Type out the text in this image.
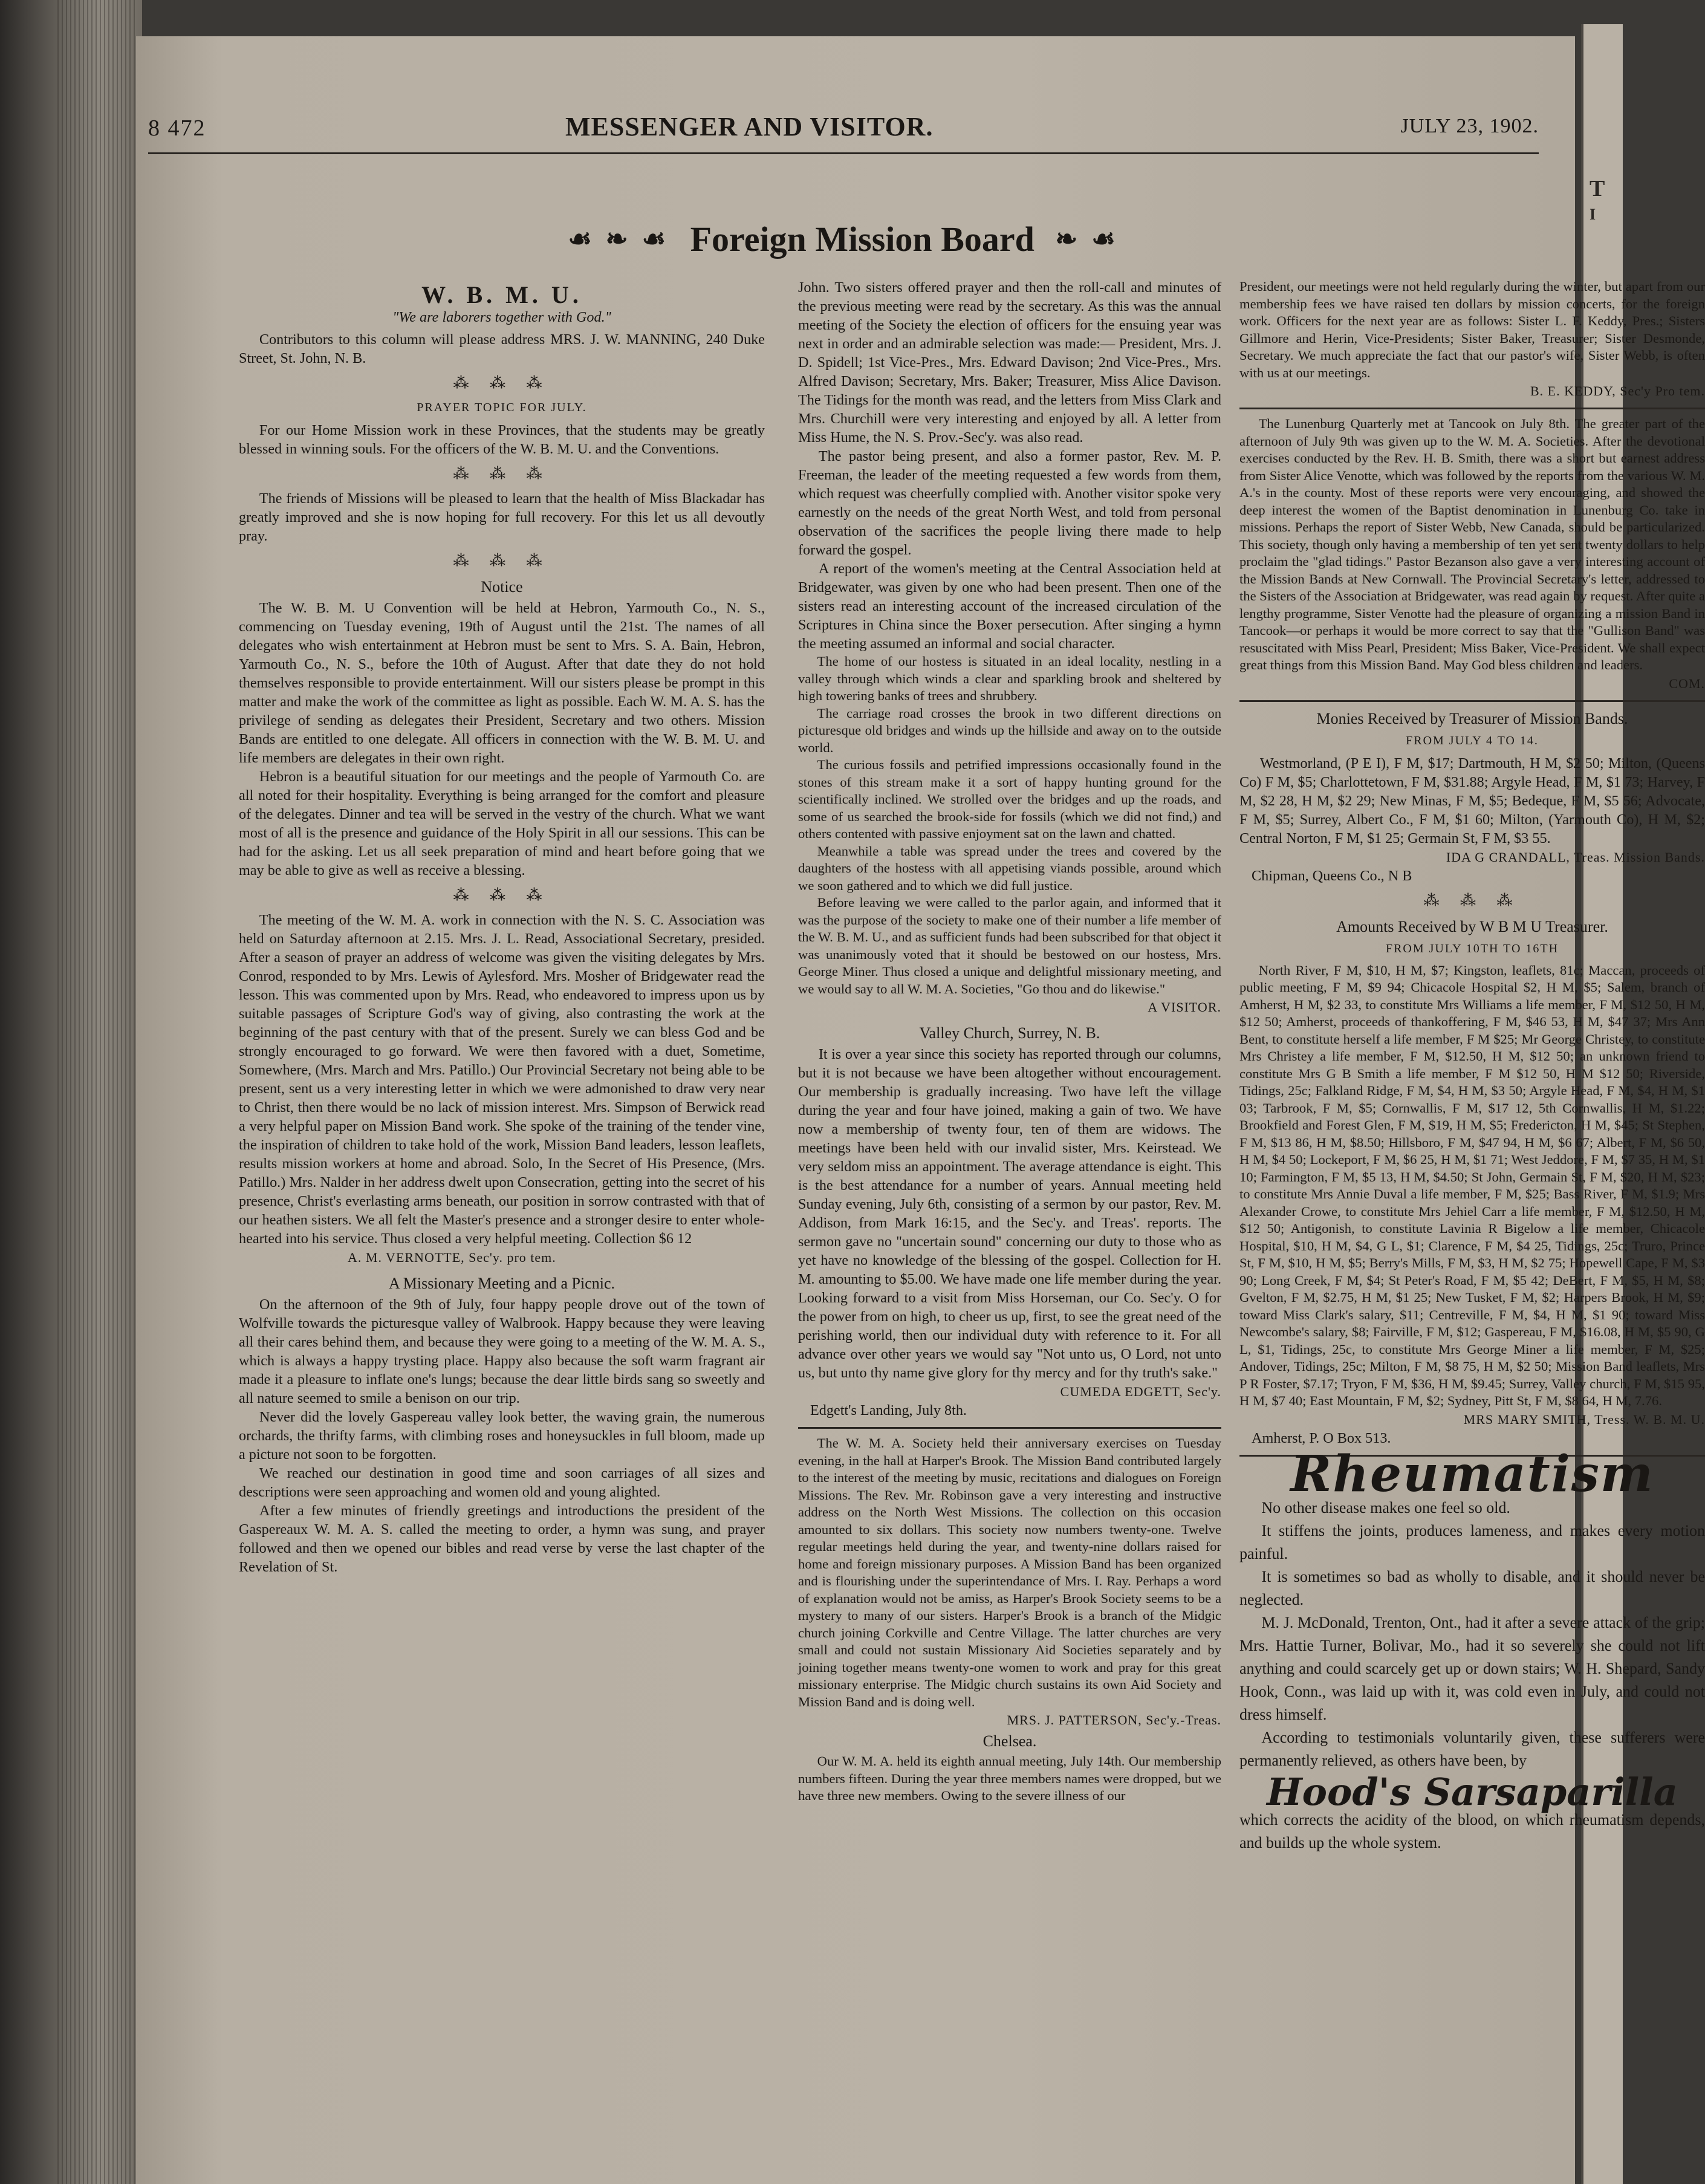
T
I
8 472	MESSENGER AND VISITOR.	JULY 23, 1902.
☙ ❧ ☙ Foreign Mission Board ❧ ☙
W. B. M. U.
"We are laborers together with God."

Contributors to this column will please address MRS. J. W. MANNING, 240 Duke Street, St. John, N. B.

⁂ ⁂ ⁂
PRAYER TOPIC FOR JULY.

For our Home Mission work in these Provinces, that the students may be greatly blessed in winning souls. For the officers of the W. B. M. U. and the Conventions.

⁂ ⁂ ⁂

The friends of Missions will be pleased to learn that the health of Miss Blackadar has greatly improved and she is now hoping for full recovery. For this let us all devoutly pray.

⁂ ⁂ ⁂
Notice

The W. B. M. U Convention will be held at Hebron, Yarmouth Co., N. S., commencing on Tuesday evening, 19th of August until the 21st. The names of all delegates who wish entertainment at Hebron must be sent to Mrs. S. A. Bain, Hebron, Yarmouth Co., N. S., before the 10th of August. After that date they do not hold themselves responsible to provide entertainment. Will our sisters please be prompt in this matter and make the work of the committee as light as possible. Each W. M. A. S. has the privilege of sending as delegates their President, Secretary and two others. Mission Bands are entitled to one delegate. All officers in connection with the W. B. M. U. and life members are delegates in their own right.

Hebron is a beautiful situation for our meetings and the people of Yarmouth Co. are all noted for their hospitality. Everything is being arranged for the comfort and pleasure of the delegates. Dinner and tea will be served in the vestry of the church. What we want most of all is the presence and guidance of the Holy Spirit in all our sessions. This can be had for the asking. Let us all seek preparation of mind and heart before going that we may be able to give as well as receive a blessing.

⁂ ⁂ ⁂

The meeting of the W. M. A. work in connection with the N. S. C. Association was held on Saturday afternoon at 2.15. Mrs. J. L. Read, Associational Secretary, presided. After a season of prayer an address of welcome was given the visiting delegates by Mrs. Conrod, responded to by Mrs. Lewis of Aylesford. Mrs. Mosher of Bridgewater read the lesson. This was commented upon by Mrs. Read, who endeavored to impress upon us by suitable passages of Scripture God's way of giving, also contrasting the work at the beginning of the past century with that of the present. Surely we can bless God and be strongly encouraged to go forward. We were then favored with a duet, Sometime, Somewhere, (Mrs. March and Mrs. Patillo.) Our Provincial Secretary not being able to be present, sent us a very interesting letter in which we were admonished to draw very near to Christ, then there would be no lack of mission interest. Mrs. Simpson of Berwick read a very helpful paper on Mission Band work. She spoke of the training of the tender vine, the inspiration of children to take hold of the work, Mission Band leaders, lesson leaflets, results mission workers at home and abroad. Solo, In the Secret of His Presence, (Mrs. Patillo.) Mrs. Nalder in her address dwelt upon Consecration, getting into the secret of his presence, Christ's everlasting arms beneath, our position in sorrow contrasted with that of our heathen sisters. We all felt the Master's presence and a stronger desire to enter whole-hearted into his service. Thus closed a very helpful meeting. Collection $6 12

A. M. VERNOTTE, Sec'y. pro tem.
A Missionary Meeting and a Picnic.

On the afternoon of the 9th of July, four happy people drove out of the town of Wolfville towards the picturesque valley of Walbrook. Happy because they were leaving all their cares behind them, and because they were going to a meeting of the W. M. A. S., which is always a happy trysting place. Happy also because the soft warm fragrant air made it a pleasure to inflate one's lungs; because the dear little birds sang so sweetly and all nature seemed to smile a benison on our trip.

Never did the lovely Gaspereau valley look better, the waving grain, the numerous orchards, the thrifty farms, with climbing roses and honeysuckles in full bloom, made up a picture not soon to be forgotten.

We reached our destination in good time and soon carriages of all sizes and descriptions were seen approaching and women old and young alighted.

After a few minutes of friendly greetings and introductions the president of the Gaspereaux W. M. A. S. called the meeting to order, a hymn was sung, and prayer followed and then we opened our bibles and read verse by verse the last chapter of the Revelation of St.

John. Two sisters offered prayer and then the roll-call and minutes of the previous meeting were read by the secretary. As this was the annual meeting of the Society the election of officers for the ensuing year was next in order and an admirable selection was made:— President, Mrs. J. D. Spidell; 1st Vice-Pres., Mrs. Edward Davison; 2nd Vice-Pres., Mrs. Alfred Davison; Secretary, Mrs. Baker; Treasurer, Miss Alice Davison. The Tidings for the month was read, and the letters from Miss Clark and Mrs. Churchill were very interesting and enjoyed by all. A letter from Miss Hume, the N. S. Prov.-Sec'y. was also read.

The pastor being present, and also a former pastor, Rev. M. P. Freeman, the leader of the meeting requested a few words from them, which request was cheerfully complied with. Another visitor spoke very earnestly on the needs of the great North West, and told from personal observation of the sacrifices the people living there made to help forward the gospel.

A report of the women's meeting at the Central Association held at Bridgewater, was given by one who had been present. Then one of the sisters read an interesting account of the increased circulation of the Scriptures in China since the Boxer persecution. After singing a hymn the meeting assumed an informal and social character.

The home of our hostess is situated in an ideal locality, nestling in a valley through which winds a clear and sparkling brook and sheltered by high towering banks of trees and shrubbery.

The carriage road crosses the brook in two different directions on picturesque old bridges and winds up the hillside and away on to the outside world.

The curious fossils and petrified impressions occasionally found in the stones of this stream make it a sort of happy hunting ground for the scientifically inclined. We strolled over the bridges and up the roads, and some of us searched the brook-side for fossils (which we did not find,) and others contented with passive enjoyment sat on the lawn and chatted.

Meanwhile a table was spread under the trees and covered by the daughters of the hostess with all appetising viands possible, around which we soon gathered and to which we did full justice.

Before leaving we were called to the parlor again, and informed that it was the purpose of the society to make one of their number a life member of the W. B. M. U., and as sufficient funds had been subscribed for that object it was unanimously voted that it should be bestowed on our hostess, Mrs. George Miner. Thus closed a unique and delightful missionary meeting, and we would say to all W. M. A. Societies, "Go thou and do likewise."

A VISITOR.
Valley Church, Surrey, N. B.

It is over a year since this society has reported through our columns, but it is not because we have been altogether without encouragement. Our membership is gradually increasing. Two have left the village during the year and four have joined, making a gain of two. We have now a membership of twenty four, ten of them are widows. The meetings have been held with our invalid sister, Mrs. Keirstead. We very seldom miss an appointment. The average attendance is eight. This is the best attendance for a number of years. Annual meeting held Sunday evening, July 6th, consisting of a sermon by our pastor, Rev. M. Addison, from Mark 16:15, and the Sec'y. and Treas'. reports. The sermon gave no "uncertain sound" concerning our duty to those who as yet have no knowledge of the blessing of the gospel. Collection for H. M. amounting to $5.00. We have made one life member during the year. Looking forward to a visit from Miss Horseman, our Co. Sec'y. O for the power from on high, to cheer us up, first, to see the great need of the perishing world, then our individual duty with reference to it. For all advance over other years we would say "Not unto us, O Lord, not unto us, but unto thy name give glory for thy mercy and for thy truth's sake."

CUMEDA EDGETT, Sec'y.
Edgett's Landing, July 8th.

The W. M. A. Society held their anniversary exercises on Tuesday evening, in the hall at Harper's Brook. The Mission Band contributed largely to the interest of the meeting by music, recitations and dialogues on Foreign Missions. The Rev. Mr. Robinson gave a very interesting and instructive address on the North West Missions. The collection on this occasion amounted to six dollars. This society now numbers twenty-one. Twelve regular meetings held during the year, and twenty-nine dollars raised for home and foreign missionary purposes. A Mission Band has been organized and is flourishing under the superintendance of Mrs. I. Ray. Perhaps a word of explanation would not be amiss, as Harper's Brook Society seems to be a mystery to many of our sisters. Harper's Brook is a branch of the Midgic church joining Corkville and Centre Village. The latter churches are very small and could not sustain Missionary Aid Societies separately and by joining together means twenty-one women to work and pray for this great missionary enterprise. The Midgic church sustains its own Aid Society and Mission Band and is doing well.

MRS. J. PATTERSON, Sec'y.-Treas.
Chelsea.

Our W. M. A. held its eighth annual meeting, July 14th. Our membership numbers fifteen. During the year three members names were dropped, but we have three new members. Owing to the severe illness of our

President, our meetings were not held regularly during the winter, but apart from our membership fees we have raised ten dollars by mission concerts, for the foreign work. Officers for the next year are as follows: Sister L. F. Keddy, Pres.; Sisters Gillmore and Herin, Vice-Presidents; Sister Baker, Treasurer; Sister Desmonde, Secretary. We much appreciate the fact that our pastor's wife, Sister Webb, is often with us at our meetings.

B. E. KEDDY, Sec'y Pro tem.

The Lunenburg Quarterly met at Tancook on July 8th. The greater part of the afternoon of July 9th was given up to the W. M. A. Societies. After the devotional exercises conducted by the Rev. H. B. Smith, there was a short but earnest address from Sister Alice Venotte, which was followed by the reports from the various W. M. A.'s in the county. Most of these reports were very encouraging, and showed the deep interest the women of the Baptist denomination in Lunenburg Co. take in missions. Perhaps the report of Sister Webb, New Canada, should be particularized. This society, though only having a membership of ten yet sent twenty dollars to help proclaim the "glad tidings." Pastor Bezanson also gave a very interesting account of the Mission Bands at New Cornwall. The Provincial Secretary's letter, addressed to the Sisters of the Association at Bridgewater, was read again by request. After quite a lengthy programme, Sister Venotte had the pleasure of organizing a mission Band in Tancook—or perhaps it would be more correct to say that the "Gullison Band" was resuscitated with Miss Pearl, President; Miss Baker, Vice-President. We shall expect great things from this Mission Band. May God bless children and leaders.

COM.
Monies Received by Treasurer of Mission Bands.
FROM JULY 4 TO 14.

Westmorland, (P E I), F M, $17; Dartmouth, H M, $2 50; Milton, (Queens Co) F M, $5; Charlottetown, F M, $31.88; Argyle Head, F M, $1 73; Harvey, F M, $2 28, H M, $2 29; New Minas, F M, $5; Bedeque, F M, $5 56; Advocate, F M, $5; Surrey, Albert Co., F M, $1 60; Milton, (Yarmouth Co), H M, $2; Central Norton, F M, $1 25; Germain St, F M, $3 55.

IDA G CRANDALL, Treas. Mission Bands.
Chipman, Queens Co., N B
⁂ ⁂ ⁂
Amounts Received by W B M U Treasurer.
FROM JULY 10TH TO 16TH

North River, F M, $10, H M, $7; Kingston, leaflets, 81c; Maccan, proceeds of public meeting, F M, $9 94; Chicacole Hospital $2, H M, $5; Salem, branch of Amherst, H M, $2 33, to constitute Mrs Williams a life member, F M, $12 50, H M, $12 50; Amherst, proceeds of thankoffering, F M, $46 53, H M, $47 37; Mrs Ann Bent, to constitute herself a life member, F M $25; Mr George Christey, to constitute Mrs Christey a life member, F M, $12.50, H M, $12 50; an unknown friend to constitute Mrs G B Smith a life member, F M $12 50, H M $12 50; Riverside, Tidings, 25c; Falkland Ridge, F M, $4, H M, $3 50; Argyle Head, F M, $4, H M, $1 03; Tarbrook, F M, $5; Cornwallis, F M, $17 12, 5th Cornwallis, H M, $1.22; Brookfield and Forest Glen, F M, $19, H M, $5; Fredericton, H M, $45; St Stephen, F M, $13 86, H M, $8.50; Hillsboro, F M, $47 94, H M, $6 67; Albert, F M, $6 50, H M, $4 50; Lockeport, F M, $6 25, H M, $1 71; West Jeddore, F M, $7 35, H M, $1 10; Farmington, F M, $5 13, H M, $4.50; St John, Germain St, F M, $20, H M, $23; to constitute Mrs Annie Duval a life member, F M, $25; Bass River, F M, $1.9; Mrs Alexander Crowe, to constitute Mrs Jehiel Carr a life member, F M, $12.50, H M, $12 50; Antigonish, to constitute Lavinia R Bigelow a life member, Chicacole Hospital, $10, H M, $4, G L, $1; Clarence, F M, $4 25, Tidings, 25c; Truro, Prince St, F M, $10, H M, $5; Berry's Mills, F M, $3, H M, $2 75; Hopewell Cape, F M, $3 90; Long Creek, F M, $4; St Peter's Road, F M, $5 42; DeBert, F M, $5, H M, $8; Gvelton, F M, $2.75, H M, $1 25; New Tusket, F M, $2; Harpers Brook, H M, $9; toward Miss Clark's salary, $11; Centreville, F M, $4, H M, $1 90; toward Miss Newcombe's salary, $8; Fairville, F M, $12; Gaspereau, F M, $16.08, H M, $5 90, G L, $1, Tidings, 25c, to constitute Mrs George Miner a life member, F M, $25; Andover, Tidings, 25c; Milton, F M, $8 75, H M, $2 50; Mission Band leaflets, Mrs P R Foster, $7.17; Tryon, F M, $36, H M, $9.45; Surrey, Valley church, F M, $15 95, H M, $7 40; East Mountain, F M, $2; Sydney, Pitt St, F M, $8 64, H M, 7.76.

MRS MARY SMITH, Tress. W. B. M. U.
Amherst, P. O Box 513.
Rheumatism

No other disease makes one feel so old.

It stiffens the joints, produces lameness, and makes every motion painful.

It is sometimes so bad as wholly to disable, and it should never be neglected.

M. J. McDonald, Trenton, Ont., had it after a severe attack of the grip; Mrs. Hattie Turner, Bolivar, Mo., had it so severely she could not lift anything and could scarcely get up or down stairs; W. H. Shepard, Sandy Hook, Conn., was laid up with it, was cold even in July, and could not dress himself.

According to testimonials voluntarily given, these sufferers were permanently relieved, as others have been, by

Hood's Sarsaparilla

which corrects the acidity of the blood, on which rheumatism depends, and builds up the whole system.
